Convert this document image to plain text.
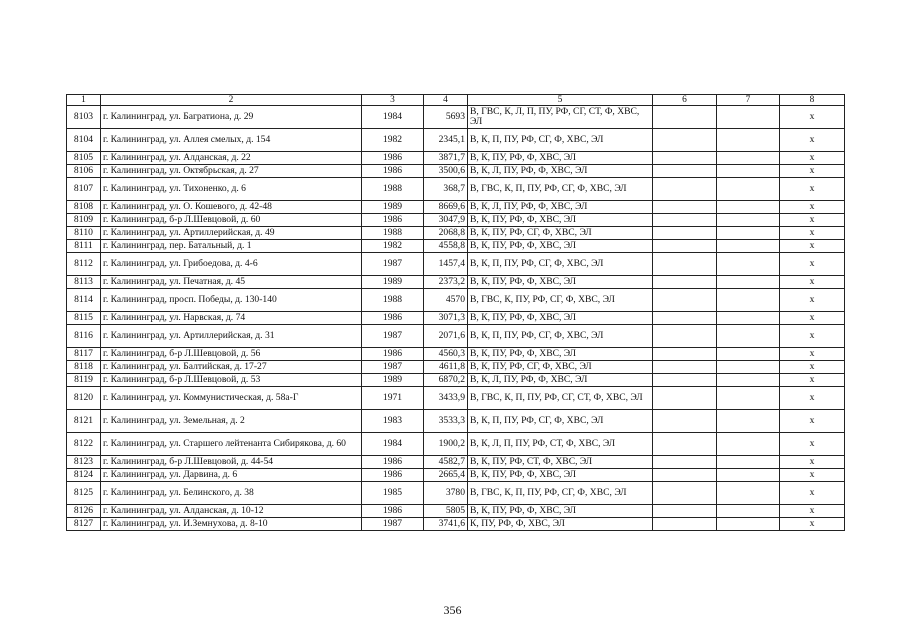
1	2	3	4	5	6	7	8
8103	г. Калининград, ул. Багратиона, д. 29	1984	5693	В, ГВС, К, Л, П, ПУ, РФ, СГ, СТ, Ф, ХВС, ЭЛ			х
8104	г. Калининград, ул. Аллея смелых, д. 154	1982	2345,1	В, К, П, ПУ, РФ, СГ, Ф, ХВС, ЭЛ			х
8105	г. Калининград, ул. Алданская, д. 22	1986	3871,7	В, К, ПУ, РФ, Ф, ХВС, ЭЛ			х
8106	г. Калининград, ул. Октябрьская, д. 27	1986	3500,6	В, К, Л, ПУ, РФ, Ф, ХВС, ЭЛ			х
8107	г. Калининград, ул. Тихоненко, д. 6	1988	368,7	В, ГВС, К, П, ПУ, РФ, СГ, Ф, ХВС, ЭЛ			х
8108	г. Калининград, ул. О. Кошевого, д. 42-48	1989	8669,6	В, К, Л, ПУ, РФ, Ф, ХВС, ЭЛ			х
8109	г. Калининград, б-р Л.Шевцовой, д. 60	1986	3047,9	В, К, ПУ, РФ, Ф, ХВС, ЭЛ			х
8110	г. Калининград, ул. Артиллерийская, д. 49	1988	2068,8	В, К, ПУ, РФ, СГ, Ф, ХВС, ЭЛ			х
8111	г. Калининград, пер. Батальный, д. 1	1982	4558,8	В, К, ПУ, РФ, Ф, ХВС, ЭЛ			х
8112	г. Калининград, ул. Грибоедова, д. 4-6	1987	1457,4	В, К, П, ПУ, РФ, СГ, Ф, ХВС, ЭЛ			х
8113	г. Калининград, ул. Печатная, д. 45	1989	2373,2	В, К, ПУ, РФ, Ф, ХВС, ЭЛ			х
8114	г. Калининград, просп. Победы, д. 130-140	1988	4570	В, ГВС, К, ПУ, РФ, СГ, Ф, ХВС, ЭЛ			х
8115	г. Калининград, ул. Нарвская, д. 74	1986	3071,3	В, К, ПУ, РФ, Ф, ХВС, ЭЛ			х
8116	г. Калининград, ул. Артиллерийская, д. 31	1987	2071,6	В, К, П, ПУ, РФ, СГ, Ф, ХВС, ЭЛ			х
8117	г. Калининград, б-р Л.Шевцовой, д. 56	1986	4560,3	В, К, ПУ, РФ, Ф, ХВС, ЭЛ			х
8118	г. Калининград, ул. Балтийская, д. 17-27	1987	4611,8	В, К, ПУ, РФ, СГ, Ф, ХВС, ЭЛ			х
8119	г. Калининград, б-р Л.Шевцовой, д. 53	1989	6870,2	В, К, Л, ПУ, РФ, Ф, ХВС, ЭЛ			х
8120	г. Калининград, ул. Коммунистическая, д. 58а-Г	1971	3433,9	В, ГВС, К, П, ПУ, РФ, СГ, СТ, Ф, ХВС, ЭЛ			х
8121	г. Калининград, ул. Земельная, д. 2	1983	3533,3	В, К, П, ПУ, РФ, СГ, Ф, ХВС, ЭЛ			х
8122	г. Калининград, ул. Старшего лейтенанта Сибирякова, д. 60	1984	1900,2	В, К, Л, П, ПУ, РФ, СТ, Ф, ХВС, ЭЛ			х
8123	г. Калининград, б-р Л.Шевцовой, д. 44-54	1986	4582,7	В, К, ПУ, РФ, СТ, Ф, ХВС, ЭЛ			х
8124	г. Калининград, ул. Дарвина, д. 6	1986	2665,4	В, К, ПУ, РФ, Ф, ХВС, ЭЛ			х
8125	г. Калининград, ул. Белинского, д. 38	1985	3780	В, ГВС, К, П, ПУ, РФ, СГ, Ф, ХВС, ЭЛ			х
8126	г. Калининград, ул. Алданская, д. 10-12	1986	5805	В, К, ПУ, РФ, Ф, ХВС, ЭЛ			х
8127	г. Калининград, ул. И.Земнухова, д. 8-10	1987	3741,6	К, ПУ, РФ, Ф, ХВС, ЭЛ			х
356
